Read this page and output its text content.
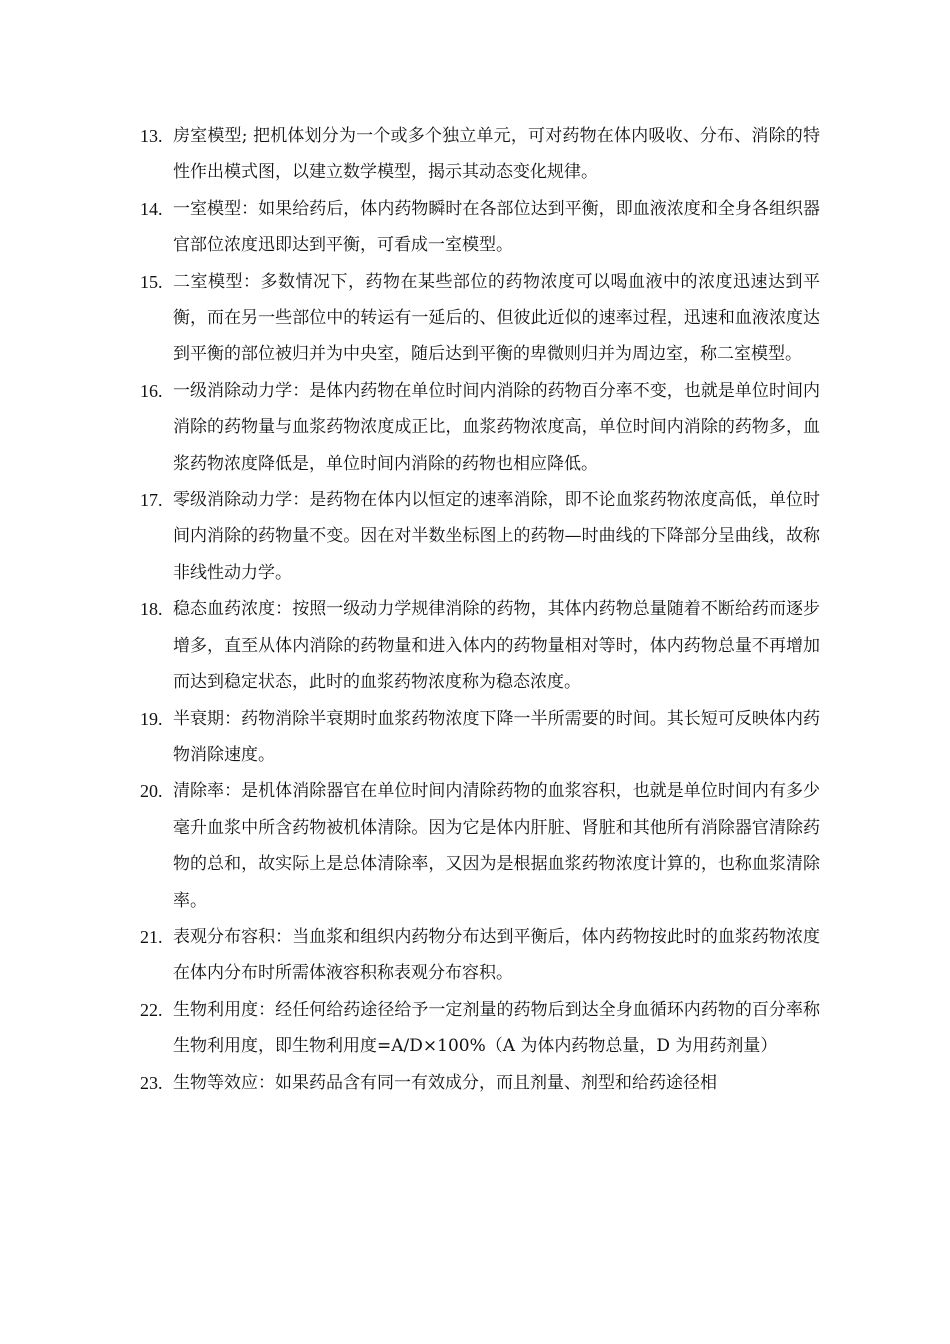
13. 房室模型; 把机体划分为一个或多个独立单元，可对药物在体内吸收、分布、消除的特性作出模式图，以建立数学模型，揭示其动态变化规律。
14. 一室模型：如果给药后，体内药物瞬时在各部位达到平衡，即血液浓度和全身各组织器官部位浓度迅即达到平衡，可看成一室模型。
15. 二室模型：多数情况下，药物在某些部位的药物浓度可以喝血液中的浓度迅速达到平衡，而在另一些部位中的转运有一延后的、但彼此近似的速率过程，迅速和血液浓度达到平衡的部位被归并为中央室，随后达到平衡的卑微则归并为周边室，称二室模型。
16. 一级消除动力学：是体内药物在单位时间内消除的药物百分率不变，也就是单位时间内消除的药物量与血浆药物浓度成正比，血浆药物浓度高，单位时间内消除的药物多，血浆药物浓度降低是，单位时间内消除的药物也相应降低。
17. 零级消除动力学：是药物在体内以恒定的速率消除，即不论血浆药物浓度高低，单位时间内消除的药物量不变。因在对半数坐标图上的药物—时曲线的下降部分呈曲线，故称非线性动力学。
18. 稳态血药浓度：按照一级动力学规律消除的药物，其体内药物总量随着不断给药而逐步增多，直至从体内消除的药物量和进入体内的药物量相对等时，体内药物总量不再增加而达到稳定状态，此时的血浆药物浓度称为稳态浓度。
19. 半衰期：药物消除半衰期时血浆药物浓度下降一半所需要的时间。其长短可反映体内药物消除速度。
20. 清除率：是机体消除器官在单位时间内清除药物的血浆容积，也就是单位时间内有多少毫升血浆中所含药物被机体清除。因为它是体内肝脏、肾脏和其他所有消除器官清除药物的总和，故实际上是总体清除率，又因为是根据血浆药物浓度计算的，也称血浆清除率。
21. 表观分布容积：当血浆和组织内药物分布达到平衡后，体内药物按此时的血浆药物浓度在体内分布时所需体液容积称表观分布容积。
22. 生物利用度：经任何给药途径给予一定剂量的药物后到达全身血循环内药物的百分率称生物利用度，即生物利用度=A/D×100%（A 为体内药物总量，D 为用药剂量）
23. 生物等效应：如果药品含有同一有效成分，而且剂量、剂型和给药途径相
